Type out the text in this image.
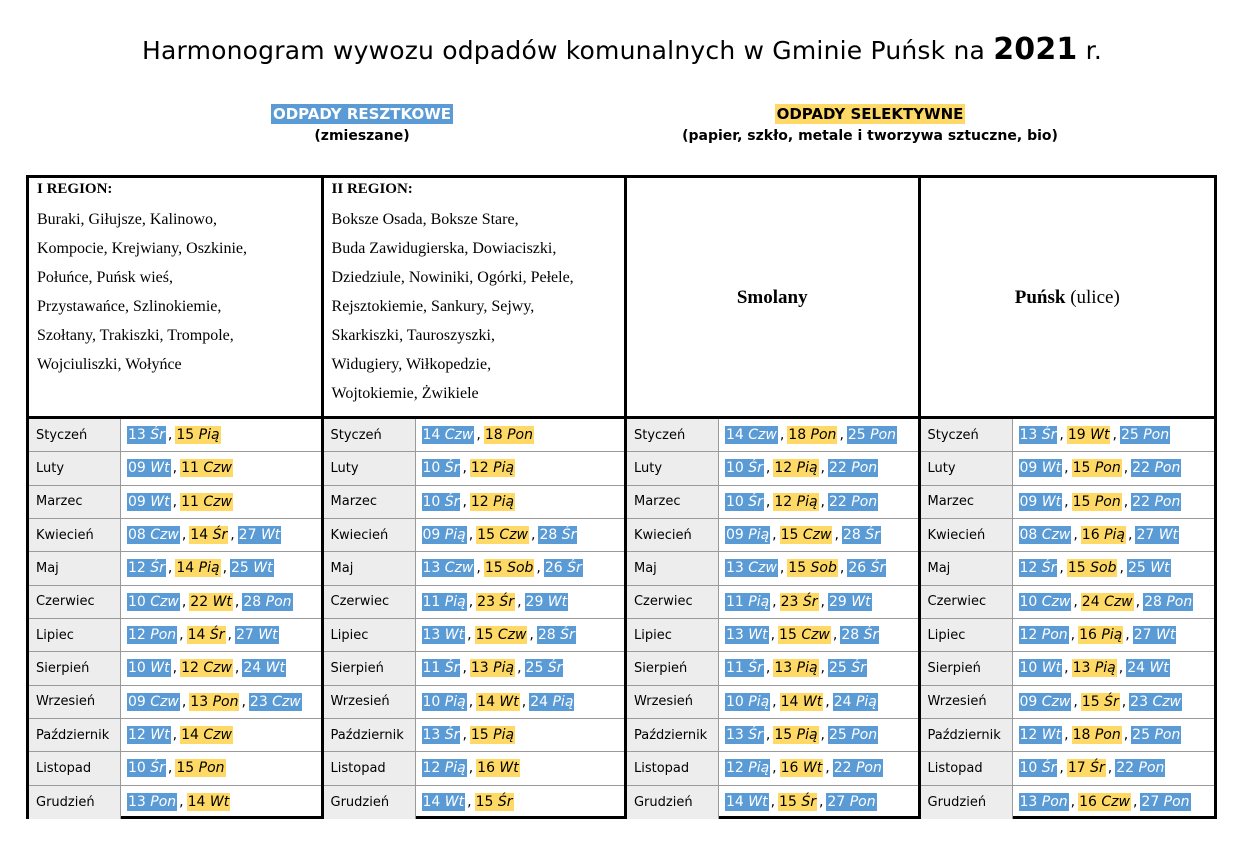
Harmonogram wywozu odpadów komunalnych w Gminie Puńsk na 2021 r.
ODPADY RESZTKOWE
(zmieszane)
ODPADY SELEKTYWNE
(papier, szkło, metale i tworzywa sztuczne, bio)
I REGION:
Buraki, Giłujsze, Kalinowo,
Kompocie, Krejwiany, Oszkinie,
Połuńce, Puńsk wieś,
Przystawańce, Szlinokiemie,
Szołtany, Trakiszki, Trompole,
Wojciuliszki, Wołyńce
Styczeń	13 Śr , 15 Pią
Luty	09 Wt , 11 Czw
Marzec	09 Wt , 11 Czw
Kwiecień	08 Czw , 14 Śr , 27 Wt
Maj	12 Śr , 14 Pią , 25 Wt
Czerwiec	10 Czw , 22 Wt , 28 Pon
Lipiec	12 Pon , 14 Śr , 27 Wt
Sierpień	10 Wt , 12 Czw , 24 Wt
Wrzesień	09 Czw , 13 Pon , 23 Czw
Październik	12 Wt , 14 Czw
Listopad	10 Śr , 15 Pon
Grudzień	13 Pon , 14 Wt
II REGION:
Boksze Osada, Boksze Stare,
Buda Zawidugierska, Dowiaciszki,
Dziedziule, Nowiniki, Ogórki, Pełele,
Rejsztokiemie, Sankury, Sejwy,
Skarkiszki, Tauroszyszki,
Widugiery, Wiłkopedzie,
Wojtokiemie, Żwikiele
Styczeń	14 Czw , 18 Pon
Luty	10 Śr , 12 Pią
Marzec	10 Śr , 12 Pią
Kwiecień	09 Pią , 15 Czw , 28 Śr
Maj	13 Czw , 15 Sob , 26 Śr
Czerwiec	11 Pią , 23 Śr , 29 Wt
Lipiec	13 Wt , 15 Czw , 28 Śr
Sierpień	11 Śr , 13 Pią , 25 Śr
Wrzesień	10 Pią , 14 Wt , 24 Pią
Październik	13 Śr , 15 Pią
Listopad	12 Pią , 16 Wt
Grudzień	14 Wt , 15 Śr
Smolany
Styczeń	14 Czw , 18 Pon , 25 Pon
Luty	10 Śr , 12 Pią , 22 Pon
Marzec	10 Śr , 12 Pią , 22 Pon
Kwiecień	09 Pią , 15 Czw , 28 Śr
Maj	13 Czw , 15 Sob , 26 Śr
Czerwiec	11 Pią , 23 Śr , 29 Wt
Lipiec	13 Wt , 15 Czw , 28 Śr
Sierpień	11 Śr , 13 Pią , 25 Śr
Wrzesień	10 Pią , 14 Wt , 24 Pią
Październik	13 Śr , 15 Pią , 25 Pon
Listopad	12 Pią , 16 Wt , 22 Pon
Grudzień	14 Wt , 15 Śr , 27 Pon
Puńsk (ulice)
Styczeń	13 Śr , 19 Wt , 25 Pon
Luty	09 Wt , 15 Pon , 22 Pon
Marzec	09 Wt , 15 Pon , 22 Pon
Kwiecień	08 Czw , 16 Pią , 27 Wt
Maj	12 Śr , 15 Sob , 25 Wt
Czerwiec	10 Czw , 24 Czw , 28 Pon
Lipiec	12 Pon , 16 Pią , 27 Wt
Sierpień	10 Wt , 13 Pią , 24 Wt
Wrzesień	09 Czw , 15 Śr , 23 Czw
Październik	12 Wt , 18 Pon , 25 Pon
Listopad	10 Śr , 17 Śr , 22 Pon
Grudzień	13 Pon , 16 Czw , 27 Pon
